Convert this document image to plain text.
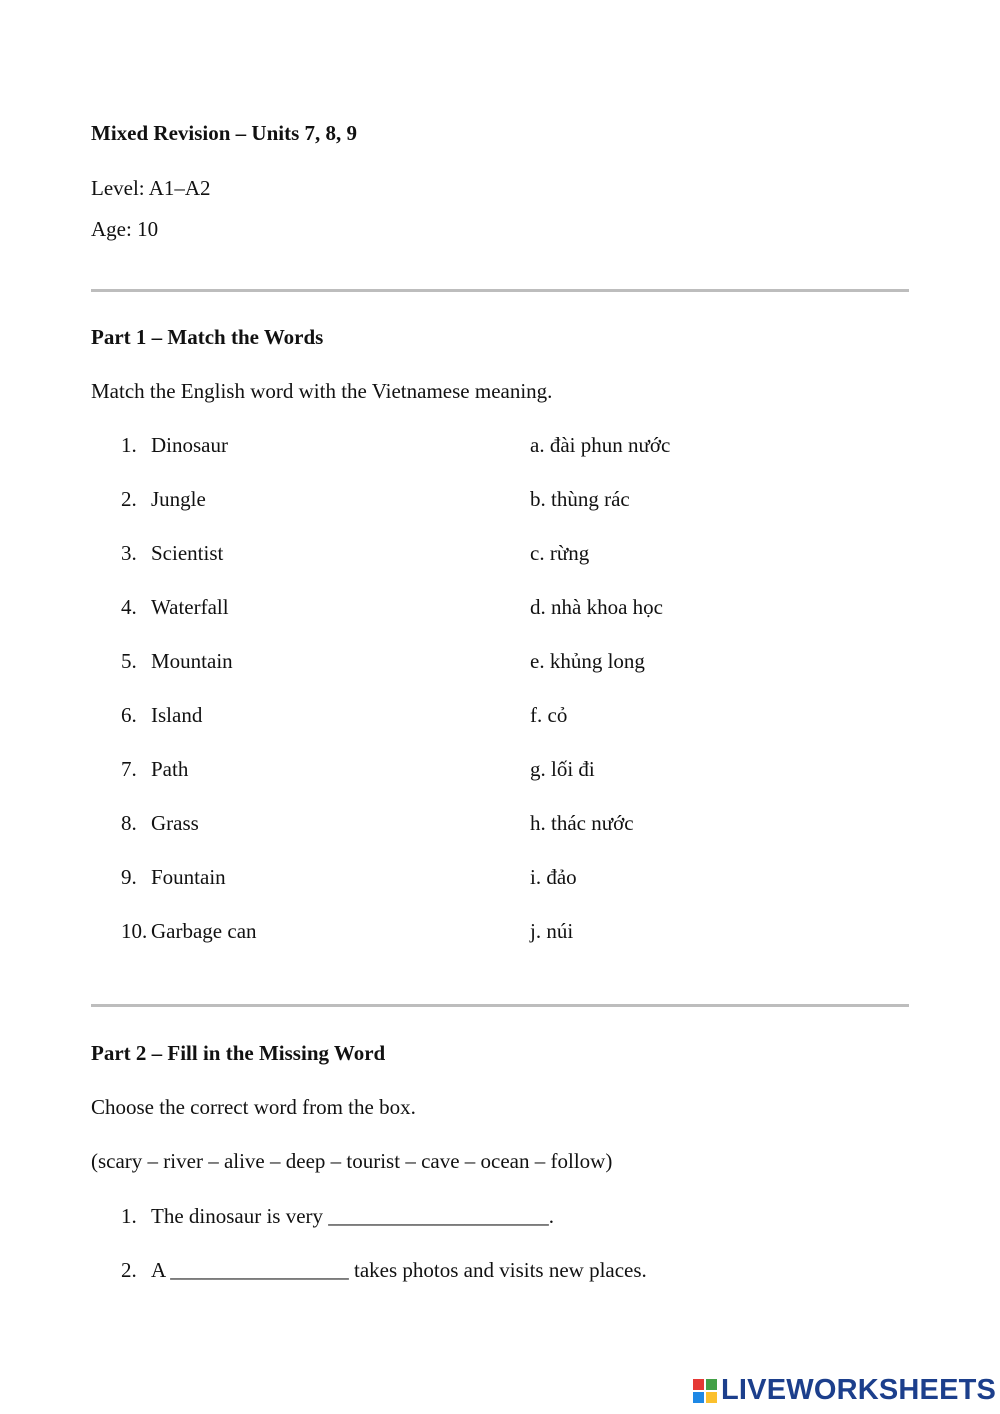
Mixed Revision – Units 7, 8, 9
Level: A1–A2
Age: 10
Part 1 – Match the Words
Match the English word with the Vietnamese meaning.
1. Dinosaur	a. đài phun nước
2. Jungle	b. thùng rác
3. Scientist	c. rừng
4. Waterfall	d. nhà khoa học
5. Mountain	e. khủng long
6. Island	f. cỏ
7. Path	g. lối đi
8. Grass	h. thác nước
9. Fountain	i. đảo
10. Garbage can	j. núi
Part 2 – Fill in the Missing Word
Choose the correct word from the box.
(scary – river – alive – deep – tourist – cave – ocean – follow)
1. The dinosaur is very _____________________.
2. A _________________ takes photos and visits new places.
LIVEWORKSHEETS
